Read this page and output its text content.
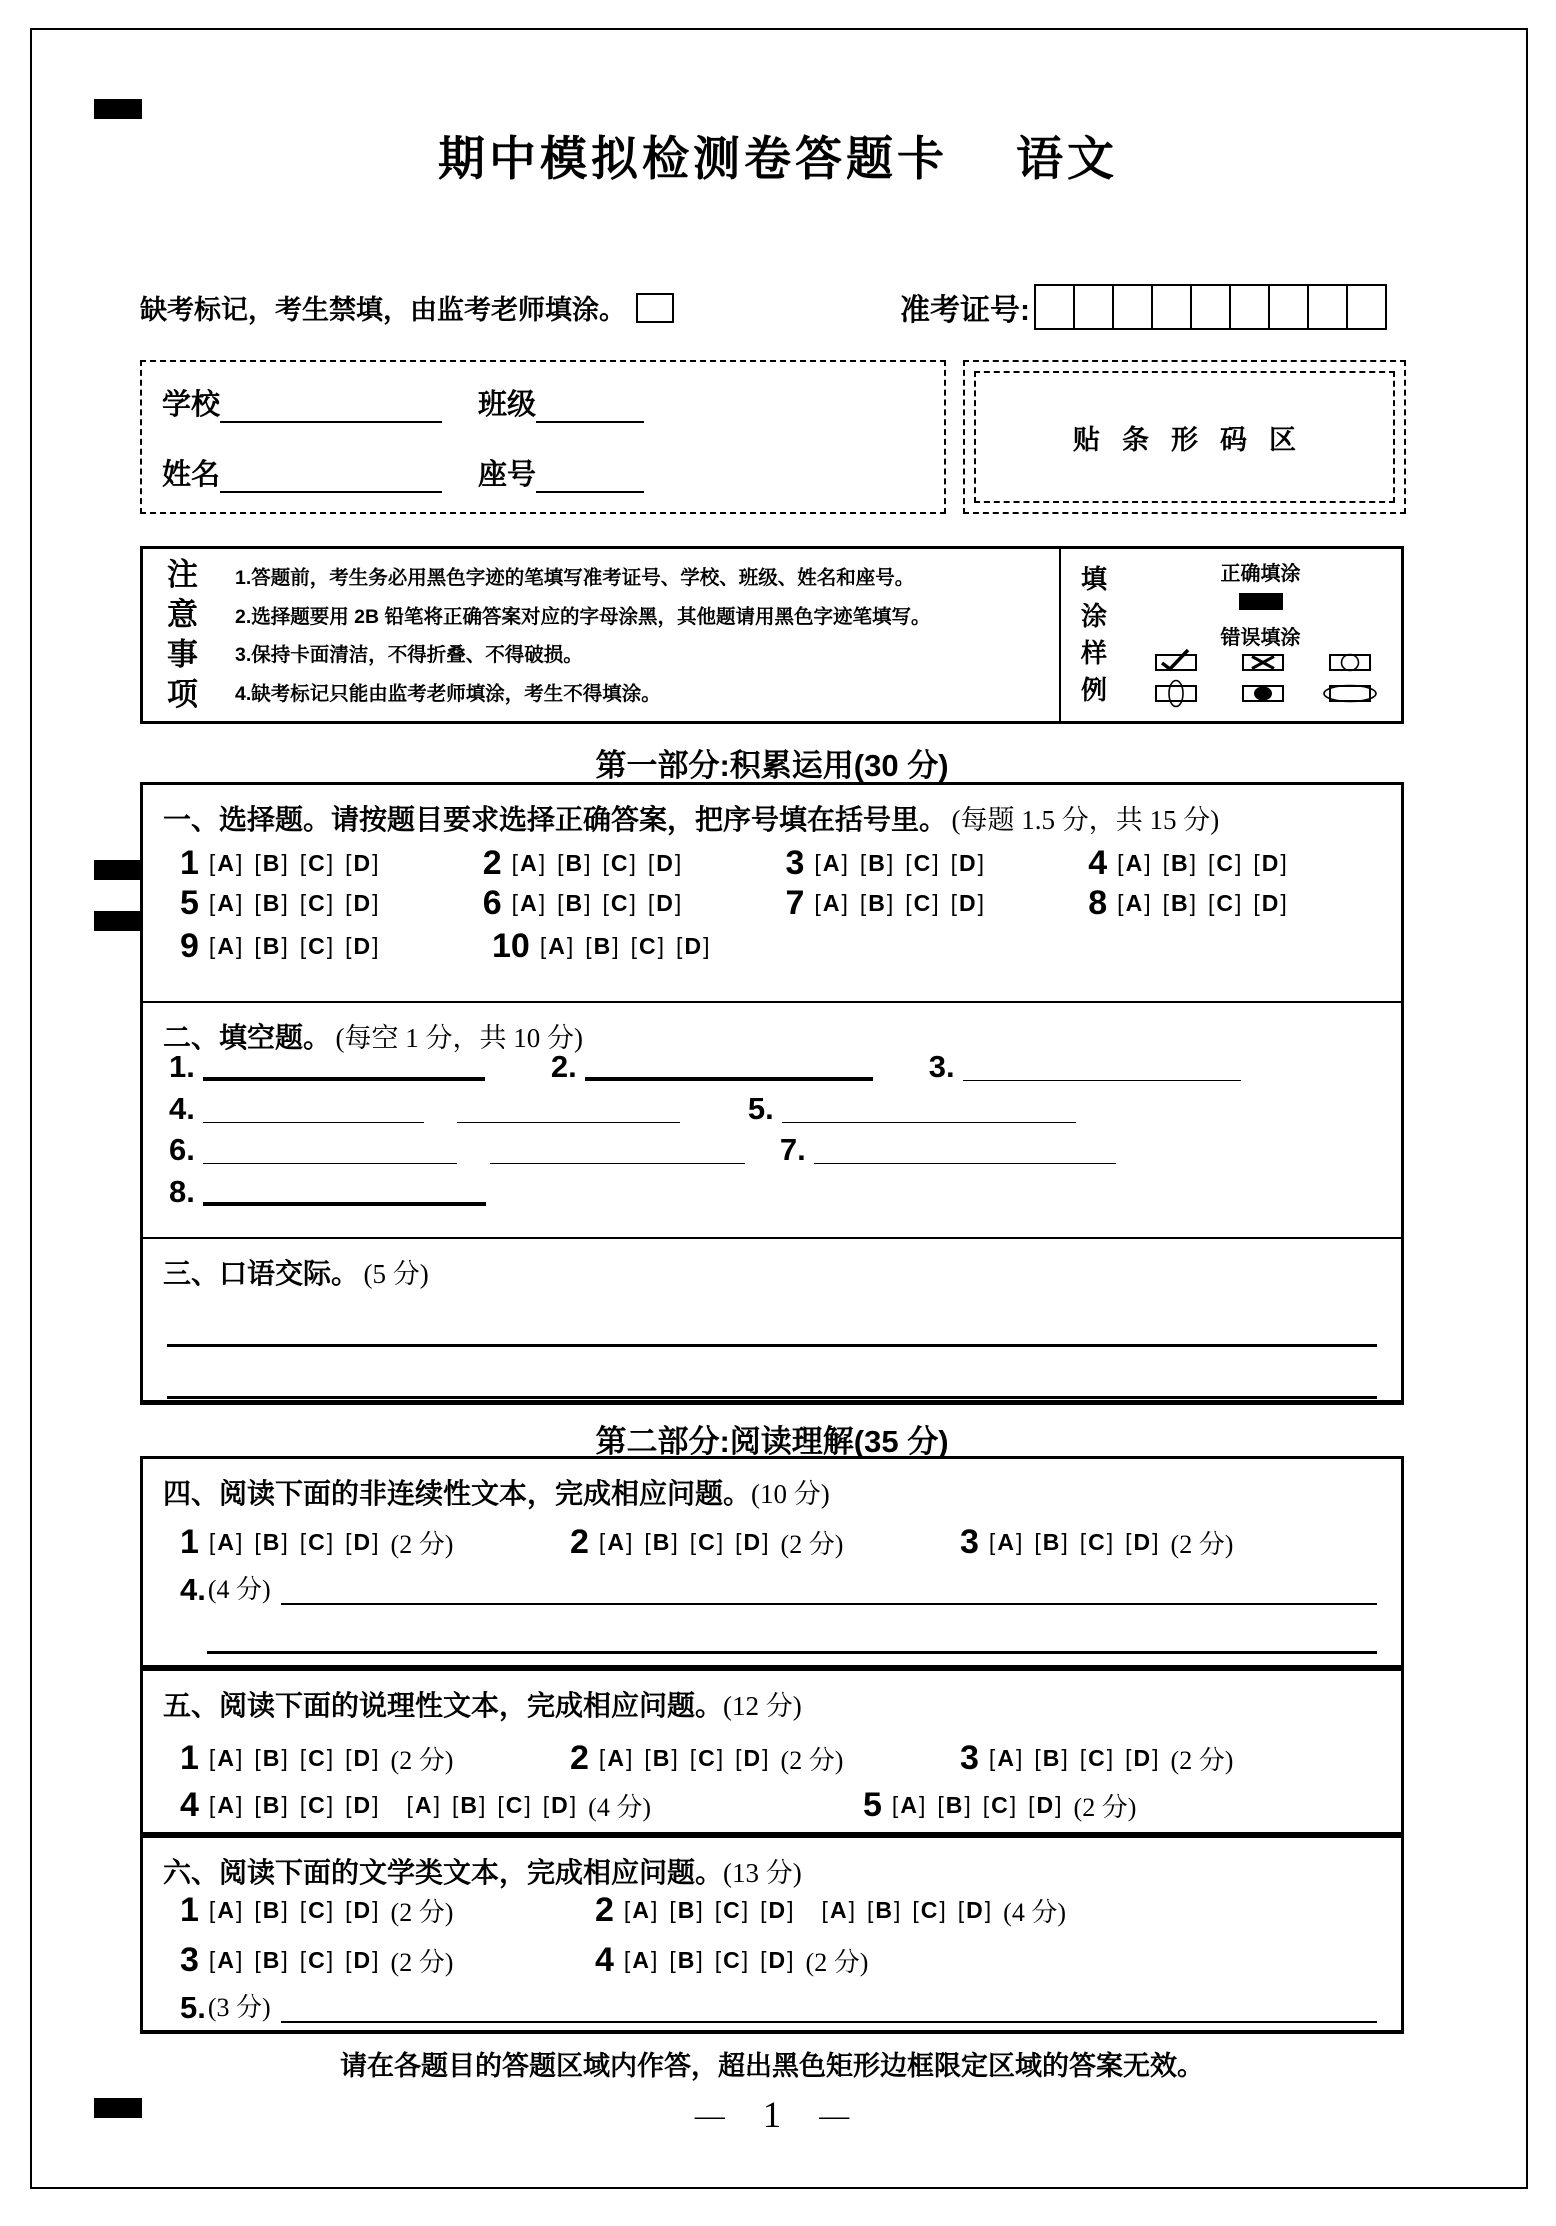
期中模拟检测卷答题卡　 语文
缺考标记，考生禁填，由监考老师填涂。	准考证号:
学校	班级
姓名	座号
贴条形码区
注
意
事
项
1.答题前，考生务必用黑色字迹的笔填写准考证号、学校、班级、姓名和座号。
2.选择题要用 2B 铅笔将正确答案对应的字母涂黑，其他题请用黑色字迹笔填写。
3.保持卡面清洁，不得折叠、不得破损。
4.缺考标记只能由监考老师填涂，考生不得填涂。
填
涂
样
例
正确填涂
错误填涂
第一部分:积累运用(30 分)
一、选择题。请按题目要求选择正确答案，把序号填在括号里。 (每题 1.5 分，共 15 分)
1 [A] [B] [C] [D]	2 [A] [B] [C] [D]	3 [A] [B] [C] [D]	4 [A] [B] [C] [D]
5 [A] [B] [C] [D]	6 [A] [B] [C] [D]	7 [A] [B] [C] [D]	8 [A] [B] [C] [D]
9 [A] [B] [C] [D]	10 [A] [B] [C] [D]
二、填空题。 (每空 1 分，共 10 分)
1.	2.	3.
4.	5.
6.	7.
8.
三、口语交际。 (5 分)
第二部分:阅读理解(35 分)
四、阅读下面的非连续性文本，完成相应问题。(10 分)
1 [A] [B] [C] [D] (2 分)	2 [A] [B] [C] [D] (2 分)	3 [A] [B] [C] [D] (2 分)
4. (4 分)
五、阅读下面的说理性文本，完成相应问题。(12 分)
1 [A] [B] [C] [D] (2 分)	2 [A] [B] [C] [D] (2 分)	3 [A] [B] [C] [D] (2 分)
4 [A] [B] [C] [D] [A] [B] [C] [D] (4 分)	5 [A] [B] [C] [D] (2 分)
六、阅读下面的文学类文本，完成相应问题。(13 分)
1 [A] [B] [C] [D] (2 分)	2 [A] [B] [C] [D] [A] [B] [C] [D] (4 分)
3 [A] [B] [C] [D] (2 分)	4 [A] [B] [C] [D] (2 分)
5. (3 分)
请在各题目的答题区域内作答，超出黑色矩形边框限定区域的答案无效。
— 1 —
